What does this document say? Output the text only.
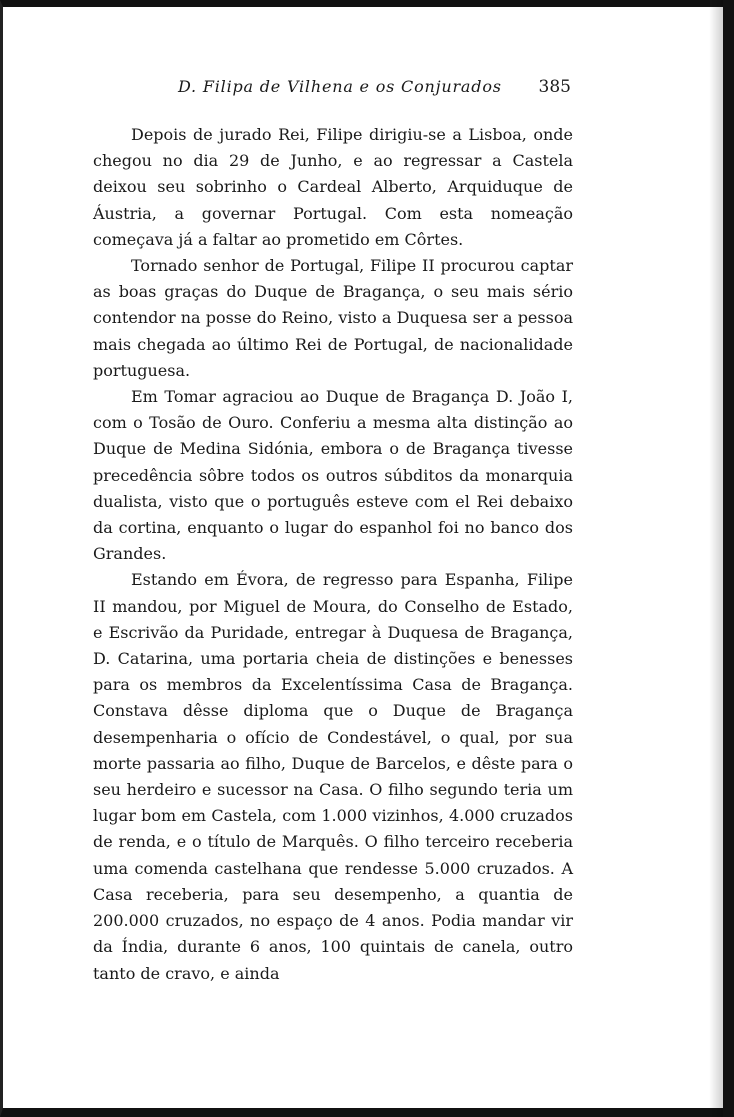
D. Filipa de Vilhena e os Conjurados 385

Depois de jurado Rei, Filipe dirigiu-se a Lisboa, onde chegou no dia 29 de Junho, e ao regressar a Castela deixou seu sobrinho o Cardeal Alberto, Arquiduque de Áustria, a governar Portugal. Com esta nomeação começava já a faltar ao prometido em Côrtes.

Tornado senhor de Portugal, Filipe II procurou captar as boas graças do Duque de Bragança, o seu mais sério contendor na posse do Reino, visto a Duquesa ser a pessoa mais chegada ao último Rei de Portugal, de nacionalidade portuguesa.

Em Tomar agraciou ao Duque de Bragança D. João I, com o Tosão de Ouro. Conferiu a mesma alta distinção ao Duque de Medina Sidónia, embora o de Bragança tivesse precedência sôbre todos os outros súbditos da monarquia dualista, visto que o português esteve com el Rei debaixo da cortina, enquanto o lugar do espanhol foi no banco dos Grandes.

Estando em Évora, de regresso para Espanha, Filipe II mandou, por Miguel de Moura, do Conselho de Estado, e Escrivão da Puridade, entregar à Duquesa de Bragança, D. Catarina, uma portaria cheia de distinções e benesses para os membros da Excelentíssima Casa de Bragança. Constava dêsse diploma que o Duque de Bragança desempenharia o ofício de Condestável, o qual, por sua morte passaria ao filho, Duque de Barcelos, e dêste para o seu herdeiro e sucessor na Casa. O filho segundo teria um lugar bom em Castela, com 1.000 vizinhos, 4.000 cruzados de renda, e o título de Marquês. O filho terceiro receberia uma comenda castelhana que rendesse 5.000 cruzados. A Casa receberia, para seu desempenho, a quantia de 200.000 cruzados, no espaço de 4 anos. Podia mandar vir da Índia, durante 6 anos, 100 quintais de canela, outro tanto de cravo, e ainda
